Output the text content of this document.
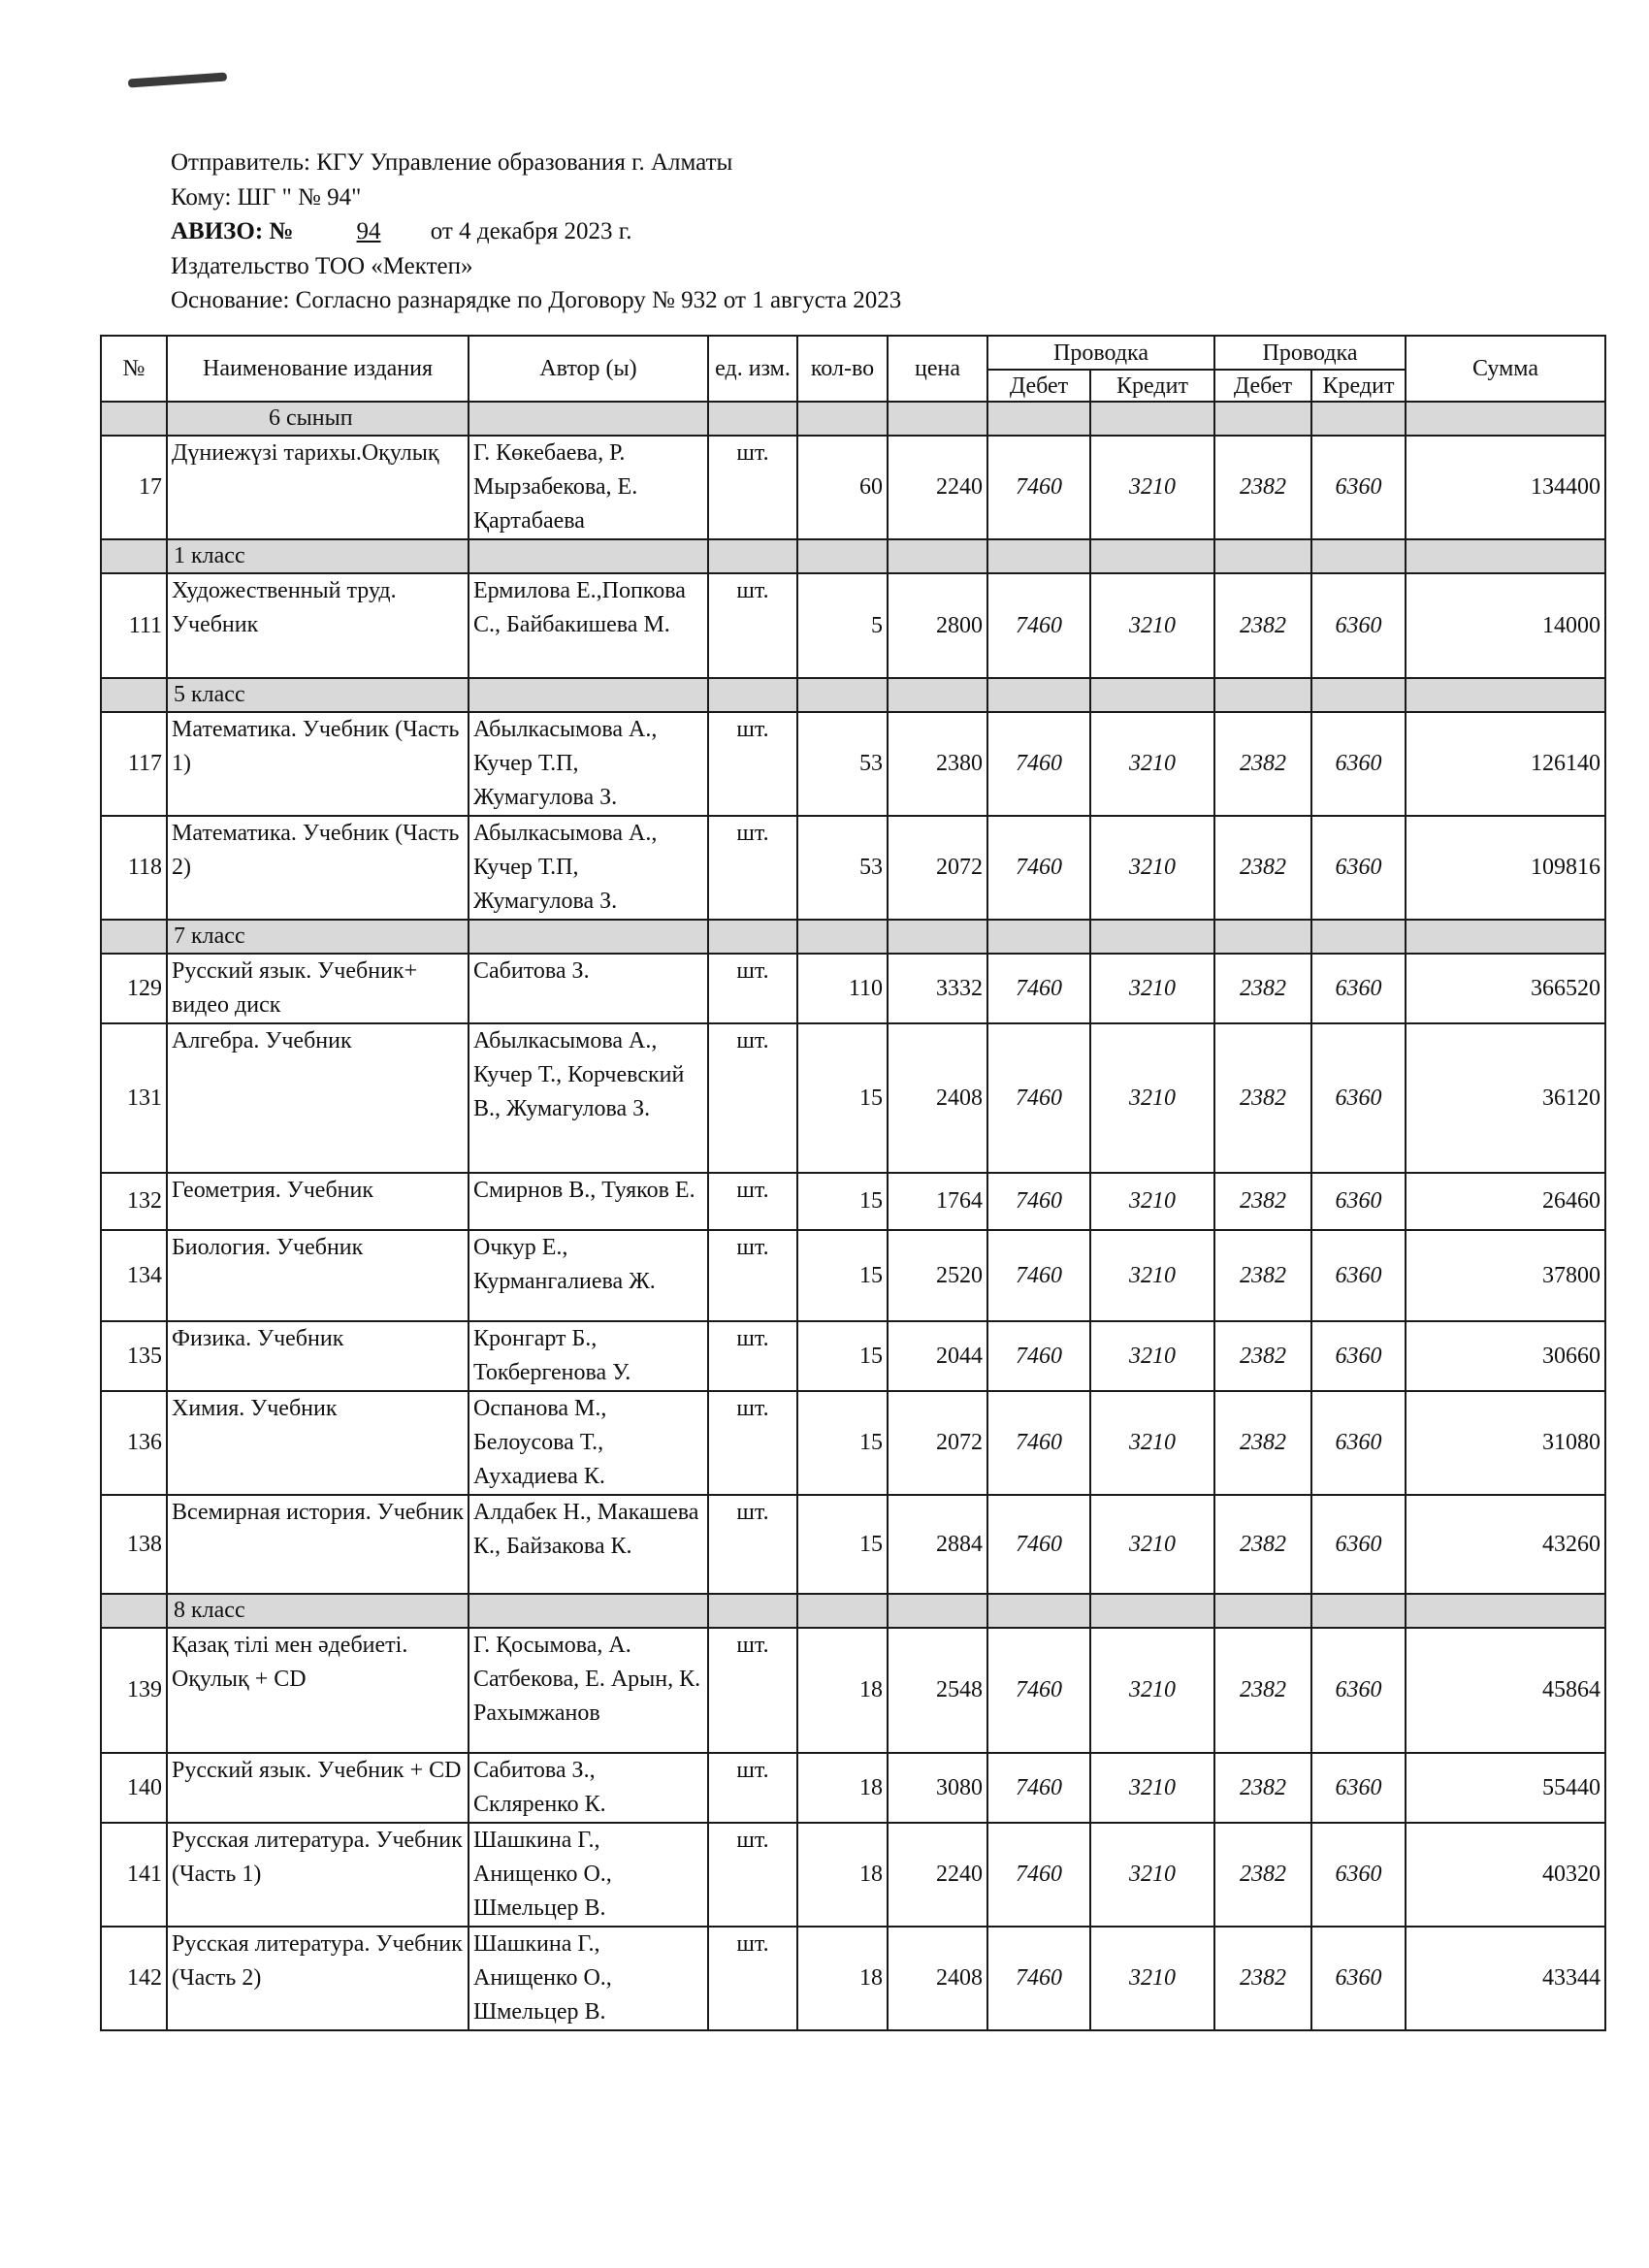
Отправитель: КГУ Управление образования г. Алматы
Кому: ШГ " № 94"
АВИЗО: №	94 от 4 декабря 2023 г.
Издательство ТОО «Мектеп»
Основание: Согласно разнарядке по Договору № 932 от 1 августа 2023
№	Наименование издания	Автор (ы)	ед. изм.	кол-во	цена	Проводка		Проводка		Сумма
						Дебет	Кредит	Дебет	Кредит	
	6 сынып									
17	Дүниежүзі тарихы.Оқулық	Г. Көкебаева, Р. Мырзабекова, Е. Қартабаева	шт.	60	2240	7460	3210	2382	6360	134400
	1 класс									
111	Художественный труд. Учебник	Ермилова Е.,Попкова С., Байбакишева М.	шт.	5	2800	7460	3210	2382	6360	14000
	5 класс									
117	Математика. Учебник (Часть 1)	Абылкасымова А., Кучер Т.П, Жумагулова З.	шт.	53	2380	7460	3210	2382	6360	126140
118	Математика. Учебник (Часть 2)	Абылкасымова А., Кучер Т.П, Жумагулова З.	шт.	53	2072	7460	3210	2382	6360	109816
	7 класс									
129	Русский язык. Учебник+ видео диск	Сабитова З.	шт.	110	3332	7460	3210	2382	6360	366520
131	Алгебра. Учебник	Абылкасымова А., Кучер Т., Корчевский В., Жумагулова З.	шт.	15	2408	7460	3210	2382	6360	36120
132	Геометрия. Учебник	Смирнов В., Туяков Е.	шт.	15	1764	7460	3210	2382	6360	26460
134	Биология. Учебник	Очкур Е., Курмангалиева Ж.	шт.	15	2520	7460	3210	2382	6360	37800
135	Физика. Учебник	Кронгарт Б., Токбергенова У.	шт.	15	2044	7460	3210	2382	6360	30660
136	Химия. Учебник	Оспанова М., Белоусова Т., Аухадиева К.	шт.	15	2072	7460	3210	2382	6360	31080
138	Всемирная история. Учебник	Алдабек Н., Макашева К., Байзакова К.	шт.	15	2884	7460	3210	2382	6360	43260
	8 класс									
139	Қазақ тілі мен әдебиеті. Оқулық + CD	Г. Қосымова, А. Сатбекова, Е. Арын, К. Рахымжанов	шт.	18	2548	7460	3210	2382	6360	45864
140	Русский язык. Учебник + CD	Сабитова З., Скляренко К.	шт.	18	3080	7460	3210	2382	6360	55440
141	Русская литература. Учебник (Часть 1)	Шашкина Г., Анищенко О., Шмельцер В.	шт.	18	2240	7460	3210	2382	6360	40320
142	Русская литература. Учебник (Часть 2)	Шашкина Г., Анищенко О., Шмельцер В.	шт.	18	2408	7460	3210	2382	6360	43344
